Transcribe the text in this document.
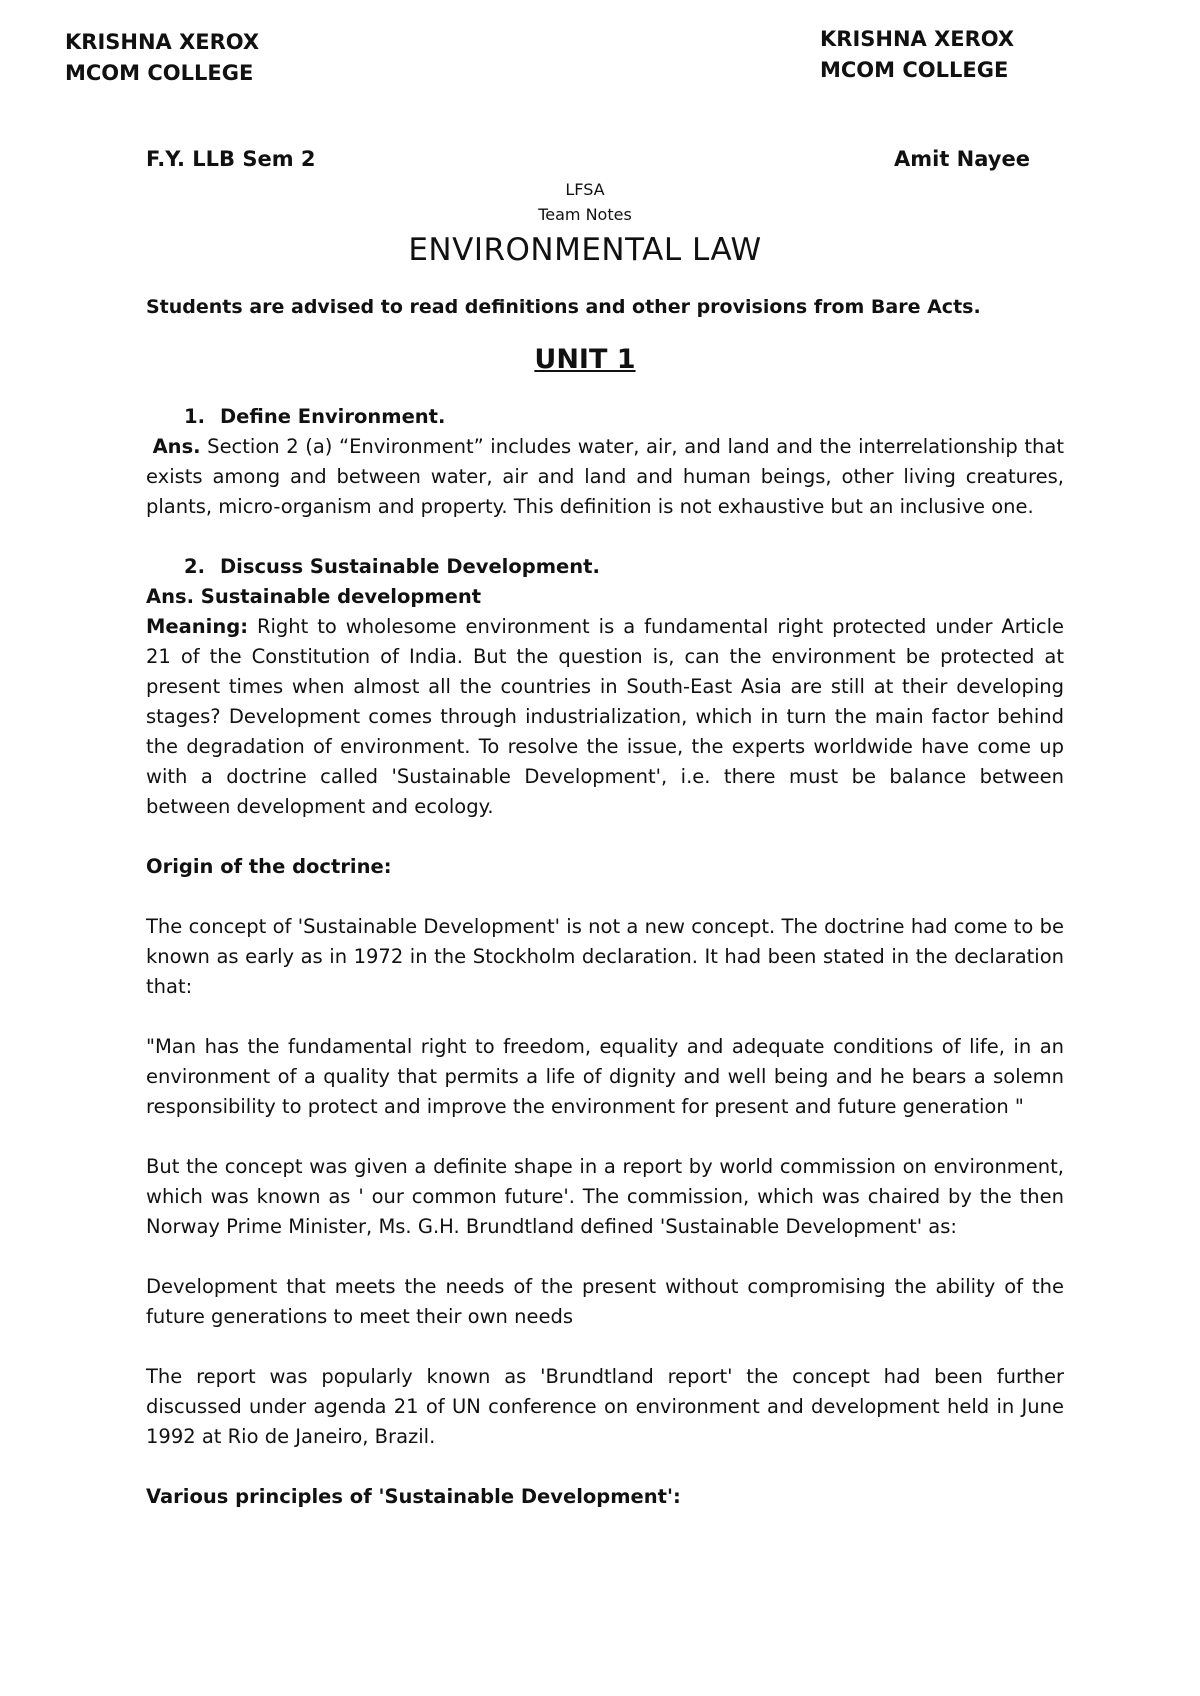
KRISHNA XEROX
MCOM COLLEGE
KRISHNA XEROX
MCOM COLLEGE
F.Y. LLB Sem 2	Amit Nayee
LFSA
Team Notes
ENVIRONMENTAL LAW
Students are advised to read definitions and other provisions from Bare Acts.
UNIT 1

1. Define Environment.

Ans. Section 2 (a) “Environment” includes water, air, and land and the interrelationship that exists among and between water, air and land and human beings, other living creatures, plants, micro-organism and property. This definition is not exhaustive but an inclusive one.

2. Discuss Sustainable Development.

Ans. Sustainable development

Meaning: Right to wholesome environment is a fundamental right protected under Article 21 of the Constitution of India. But the question is, can the environment be protected at present times when almost all the countries in South-East Asia are still at their developing stages? Development comes through industrialization, which in turn the main factor behind the degradation of environment. To resolve the issue, the experts worldwide have come up with a doctrine called 'Sustainable Development', i.e. there must be balance between between development and ecology.

Origin of the doctrine:

The concept of 'Sustainable Development' is not a new concept. The doctrine had come to be known as early as in 1972 in the Stockholm declaration. It had been stated in the declaration that:

"Man has the fundamental right to freedom, equality and adequate conditions of life, in an environment of a quality that permits a life of dignity and well being and he bears a solemn responsibility to protect and improve the environment for present and future generation "

But the concept was given a definite shape in a report by world commission on environment, which was known as ' our common future'. The commission, which was chaired by the then Norway Prime Minister, Ms. G.H. Brundtland defined 'Sustainable Development' as:

Development that meets the needs of the present without compromising the ability of the future generations to meet their own needs

The report was popularly known as 'Brundtland report' the concept had been further discussed under agenda 21 of UN conference on environment and development held in June 1992 at Rio de Janeiro, Brazil.

Various principles of 'Sustainable Development':
